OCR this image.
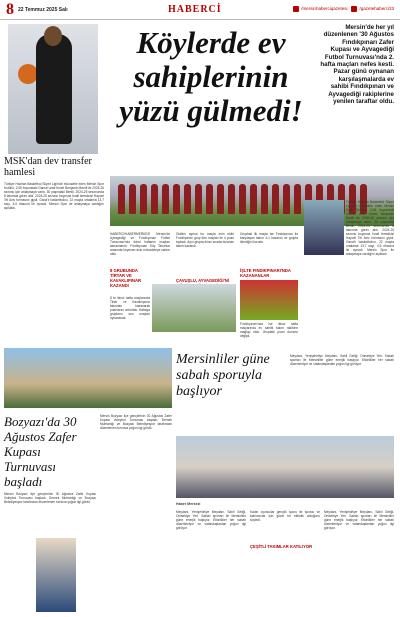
8 22 Temmuz 2025 Salı	HABERCİ	/mersinhaberciqazetesi	/gazetehaberci33
MSK'dan dev transfer hamlesi
Türkiye Haziran Basketbol Süper Ligi'nde mücadele eden Mersin Spor Kulübü, 2,06 boyundaki Gamal uzak forvet Benjamin Bentil ile 2025-26 sezonu için anlaşmaya vardı. 30 yaşındaki Bentil, 2024-25 sezonunda 8 takımda görev aldı. 2024-25 sezonu boyunca İsrail temsilcisi Hapoel Tel Aviv formasını giydi. Gana'lı basketbolcu, 22 maçta ortalama 13,7 sayı, 4,5 ribaund ile oynadı. Mersin Spor ile anlaşmaya vardığını açıkladı.
Köylerde ev sahiplerinin yüzü gülmedi!
Mersin'de her yıl düzenlenen '30 Ağustos Fındıkpınarı Zafer Kupası ve Ayvagediği Futbol Turnuvası'nda 2. hafta maçları nefes kesti. Pazar günü oynanan karşılaşmalarda ev sahibi Fındıkpınarı ve Ayvagediği rakiplerine yenilen taraftar oldu.
HABERCİ/HABERMERKEZİ Mersin'de Ayvagediği ve Fındıkpınarı Futbol Turnuvası'nda ikinci haftanın maçları tamamlandı. Fındıkpınarı Köy Takımlar arasında heyecan dolu mücadeleye sahne oldu.
Gidilen ayrıca bu maçta evin ekibi Fındıkpınarı grup tüm maçları ile 4 puan topladı. Aynı grupta ikinci sırada bulunan takım kazandı.
ÇAVUŞLU, AYVAGEDİĞİ'Nİ
Gruptaki ilk maçta ise Fındıkpınarı ile karşılaşan takım 4-1 kazandı ve grupta liderliğini korudu.
İŞLTE FINDIKPINARI'NDA KAZANANLAR
8 GRUBUNDA TİRTAR VE KAVAKLIPINAR KAZANDI
8 te ikinci hafta maçlarında Tirtar ve Kavaklıpınar takımları kazanarak puanlarını artırdılar. Haftaya grupların son maçları oynanacak.
Fındıkpınarı'nda ise ikinci hafta maçlarında ev sahibi takım rakibine mağlup oldu. Gruptaki puan durumu değişti.
Türkiye Haziran Basketbol Süper Ligi'nde mücadele eden Mersin Spor Kulübü, 2,06 boyundaki Gamal uzak forvet Benjamin Bentil ile 2025-26 sezonu için anlaşmaya vardı. 30 yaşındaki Bentil, 2024-25 sezonunda 8 takımda görev aldı. 2024-25 sezonu boyunca İsrail temsilcisi Hapoel Tel Aviv formasını giydi. Gana'lı basketbolcu, 22 maçta ortalama 13,7 sayı, 4,5 ribaund ile oynadı. Mersin Spor ile anlaşmaya vardığını açıkladı.
Mersinliler güne sabah sporuyla başlıyor
Meydanı, Yenişehirliye Meydanı, Sahil Geliği, Onisebiye Yeri. Sabah sporları ile Mersinliler güne enerjik başlıyor. Etkinlikler her sabah düzenleniyor ve vatandaşlardan yoğun ilgi görüyor.
Haber Merkezi
Meydanı, Yenişehirliye Meydanı, Sahil Geliği, Onisebiye Yeri. Sabah sporları ile Mersinliler güne enerjik başlıyor. Etkinlikler her sabah düzenleniyor ve vatandaşlardan yoğun ilgi görüyor.
Kadın oyuncular gençlik sporu ile sporcu ve katılımcılar için güzel bir etkinlik olduğunu söyledi.
ÇEŞİTLİ TAKIMLAR KATILIYOR
Meydanı, Yenişehirliye Meydanı, Sahil Geliği, Onisebiye Yeri. Sabah sporları ile Mersinliler güne enerjik başlıyor. Etkinlikler her sabah düzenleniyor ve vatandaşlardan yoğun ilgi görüyor.
Bozyazı'da 30 Ağustos Zafer Kupası Turnuvası başladı
Mersin Bozyazı ilçe gençlerinin 30 Ağustos Zafer Kupası Voleybol Turnuvası başladı. Dernek Muhtarlığı ve Bozyazı Belediyespor tarafından düzenlenen turnuva yoğun ilgi gördü.
Mersin Bozyazı ilçe gençlerinin 30 Ağustos Zafer Kupası Voleybol Turnuvası başladı. Dernek Muhtarlığı ve Bozyazı Belediyespor tarafından düzenlenen turnuva yoğun ilgi gördü.
